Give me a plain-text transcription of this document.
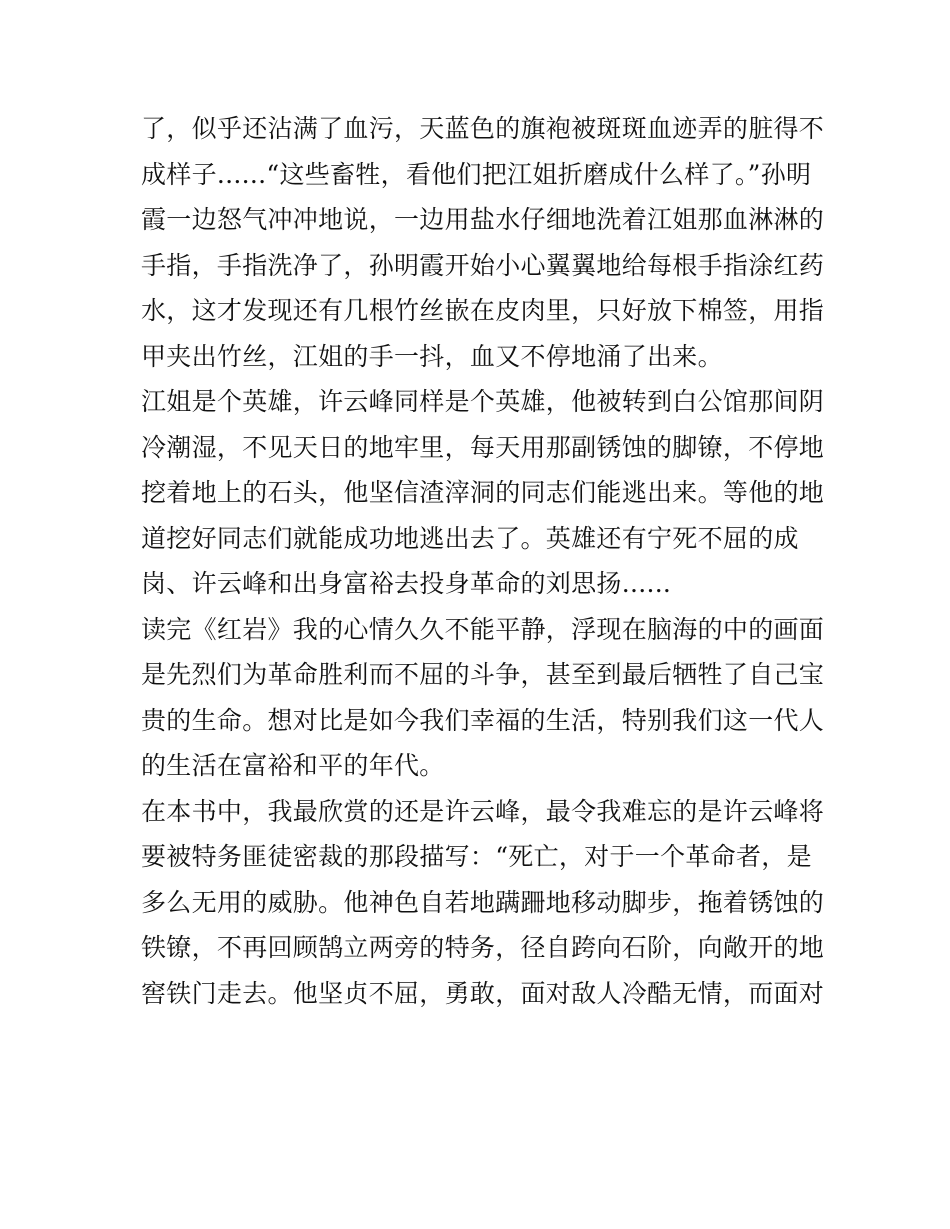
了，似乎还沾满了血污，天蓝色的旗袍被斑斑血迹弄的脏得不
成样子......“这些畜牲，看他们把江姐折磨成什么样了。”孙明
霞一边怒气冲冲地说，一边用盐水仔细地洗着江姐那血淋淋的
手指，手指洗净了，孙明霞开始小心翼翼地给每根手指涂红药
水，这才发现还有几根竹丝嵌在皮肉里，只好放下棉签，用指
甲夹出竹丝，江姐的手一抖，血又不停地涌了出来。
江姐是个英雄，许云峰同样是个英雄，他被转到白公馆那间阴
冷潮湿，不见天日的地牢里，每天用那副锈蚀的脚镣，不停地
挖着地上的石头，他坚信渣滓洞的同志们能逃出来。等他的地
道挖好同志们就能成功地逃出去了。英雄还有宁死不屈的成
岗、许云峰和出身富裕去投身革命的刘思扬......
读完《红岩》我的心情久久不能平静，浮现在脑海的中的画面
是先烈们为革命胜利而不屈的斗争，甚至到最后牺牲了自己宝
贵的生命。想对比是如今我们幸福的生活，特别我们这一代人
的生活在富裕和平的年代。
在本书中，我最欣赏的还是许云峰，最令我难忘的是许云峰将
要被特务匪徒密裁的那段描写：“死亡，对于一个革命者，是
多么无用的威胁。他神色自若地蹒跚地移动脚步，拖着锈蚀的
铁镣，不再回顾鹄立两旁的特务，径自跨向石阶，向敞开的地
窖铁门走去。他坚贞不屈，勇敢，面对敌人冷酷无情，而面对
